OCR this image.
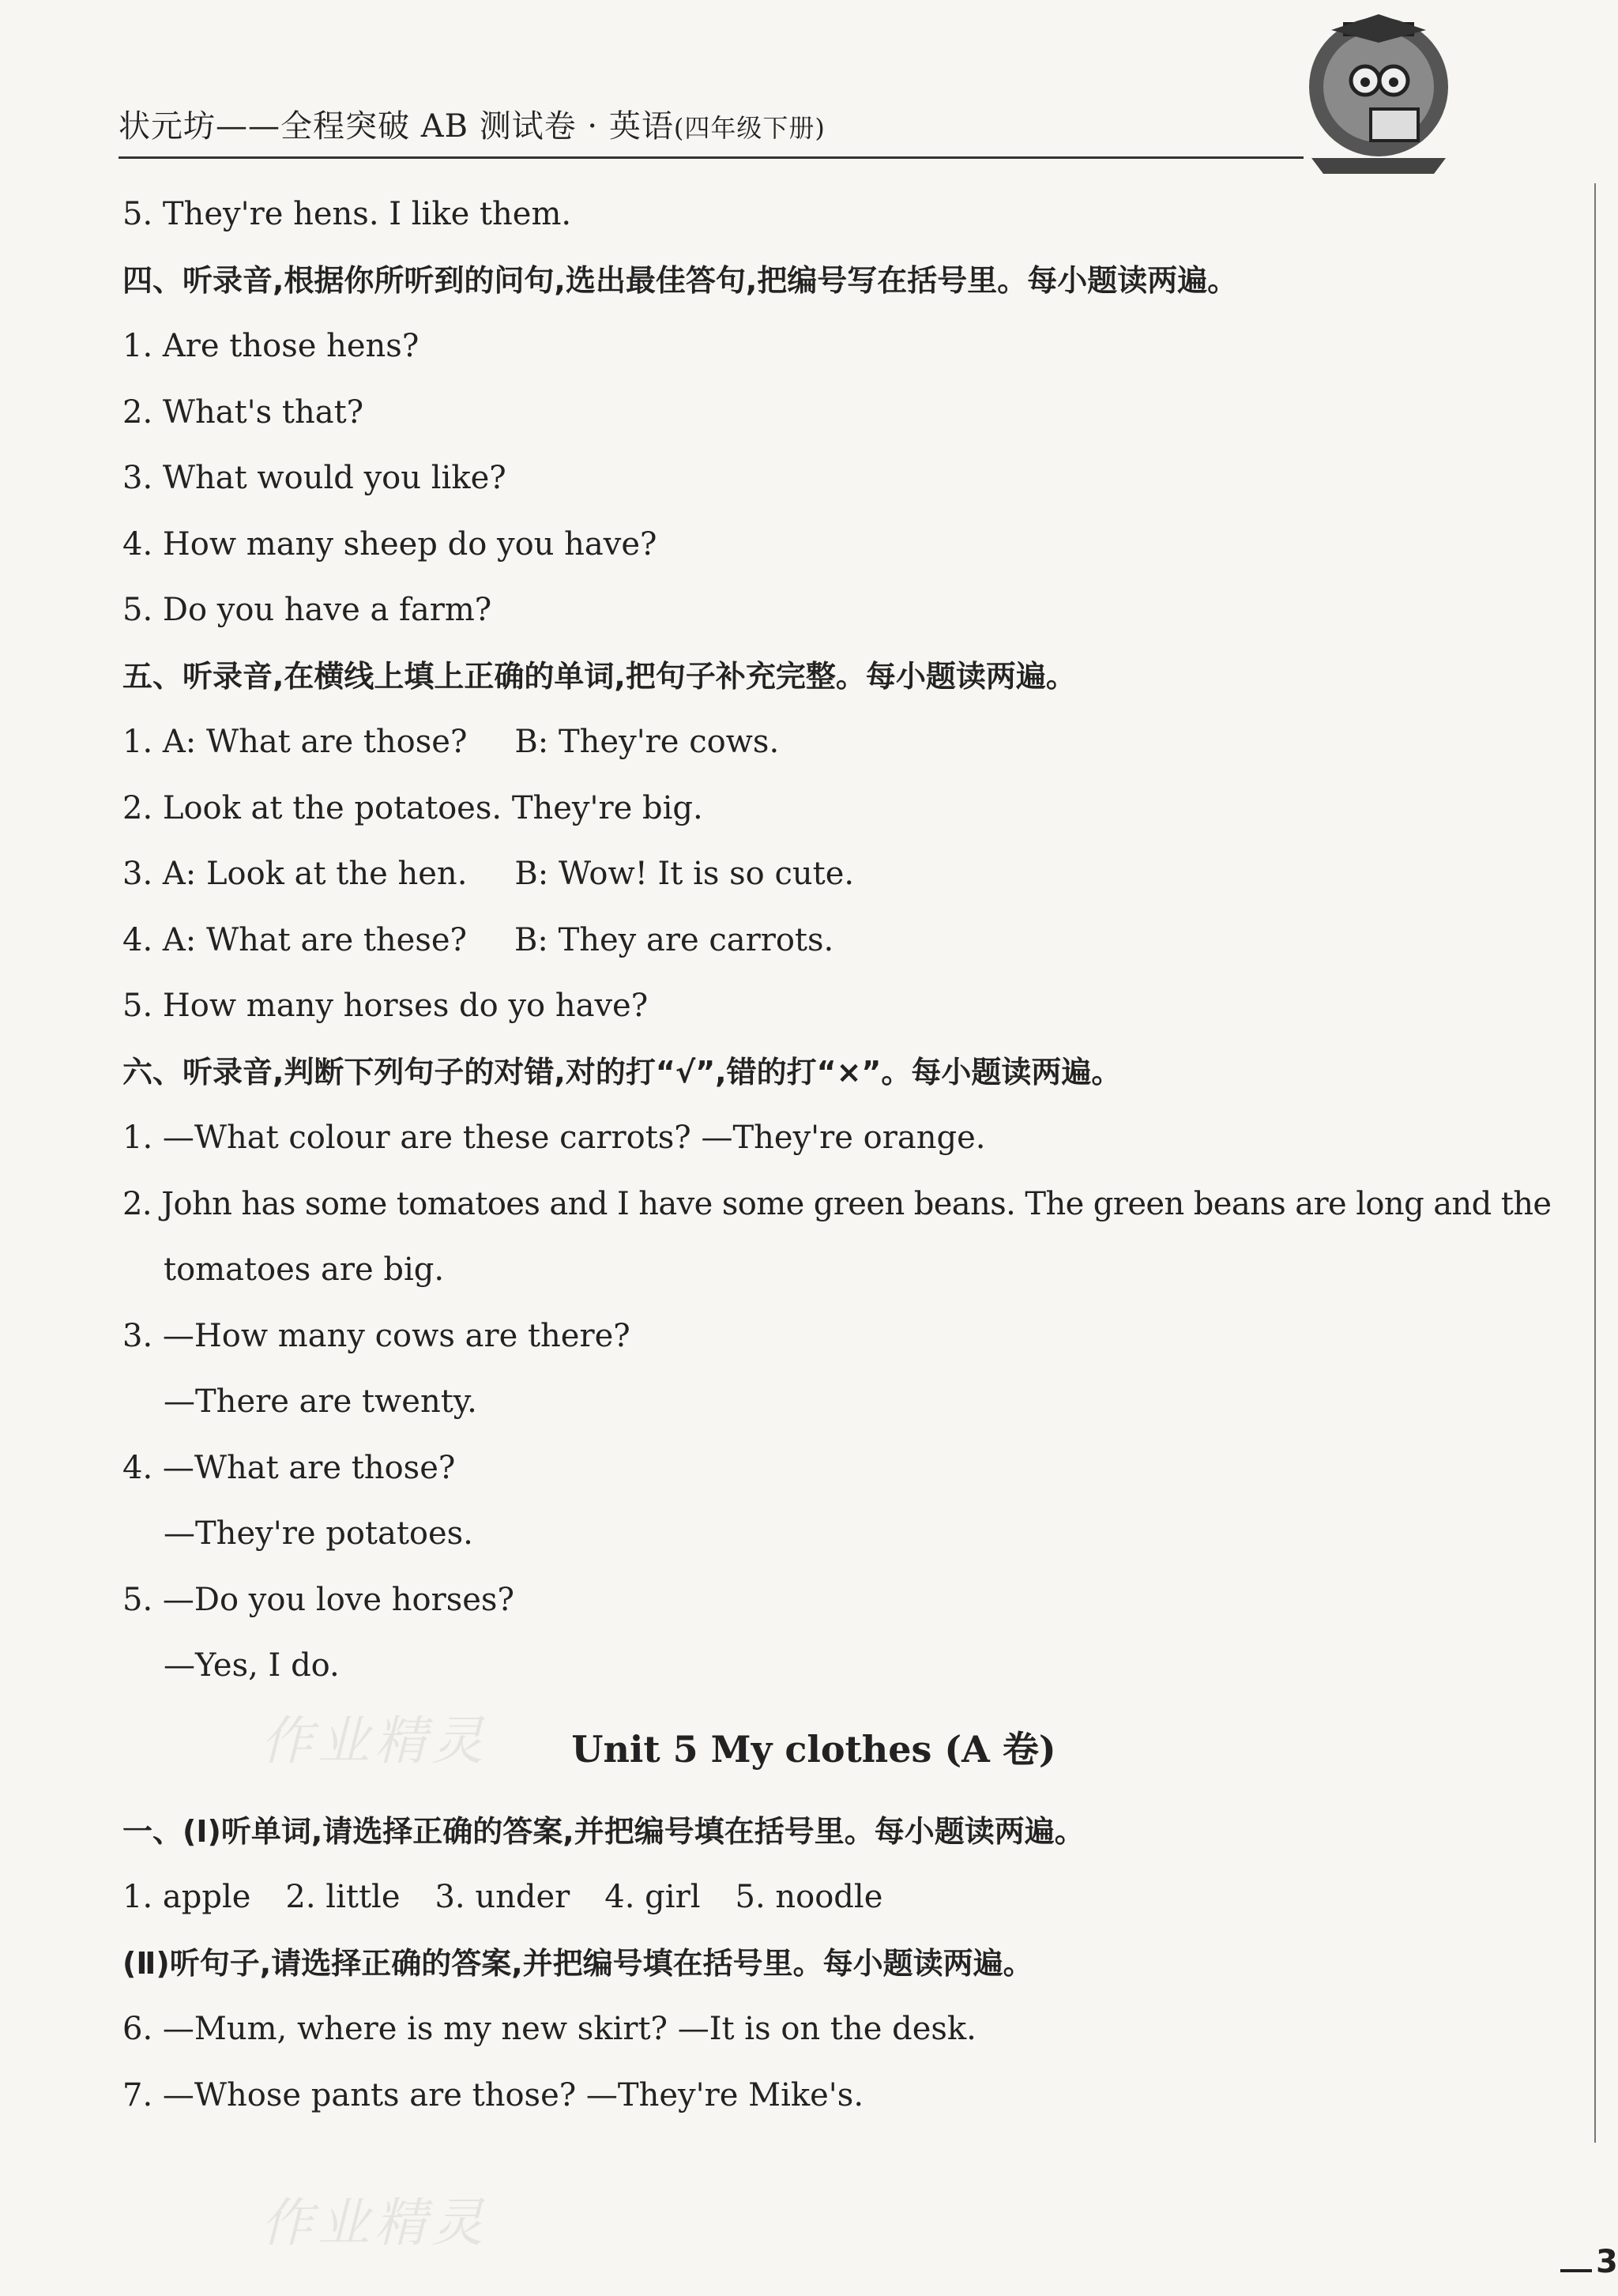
状元坊——全程突破 AB 测试卷 · 英语(四年级下册)
5. They're hens. I like them.
四、听录音,根据你所听到的问句,选出最佳答句,把编号写在括号里。每小题读两遍。
1. Are those hens?
2. What's that?
3. What would you like?
4. How many sheep do you have?
5. Do you have a farm?
五、听录音,在横线上填上正确的单词,把句子补充完整。每小题读两遍。
1. A: What are those? B: They're cows.
2. Look at the potatoes. They're big.
3. A: Look at the hen. B: Wow! It is so cute.
4. A: What are these? B: They are carrots.
5. How many horses do yo have?
六、听录音,判断下列句子的对错,对的打“√”,错的打“×”。每小题读两遍。
1. —What colour are these carrots? —They're orange.
2. John has some tomatoes and I have some green beans. The green beans are long and the
tomatoes are big.
3. —How many cows are there?
—There are twenty.
4. —What are those?
—They're potatoes.
5. —Do you love horses?
—Yes, I do.
Unit 5 My clothes (A 卷)
一、(Ⅰ)听单词,请选择正确的答案,并把编号填在括号里。每小题读两遍。
1. apple 2. little 3. under 4. girl 5. noodle
(Ⅱ)听句子,请选择正确的答案,并把编号填在括号里。每小题读两遍。
6. —Mum, where is my new skirt? —It is on the desk.
7. —Whose pants are those? —They're Mike's.
作业精灵
作业精灵
3
